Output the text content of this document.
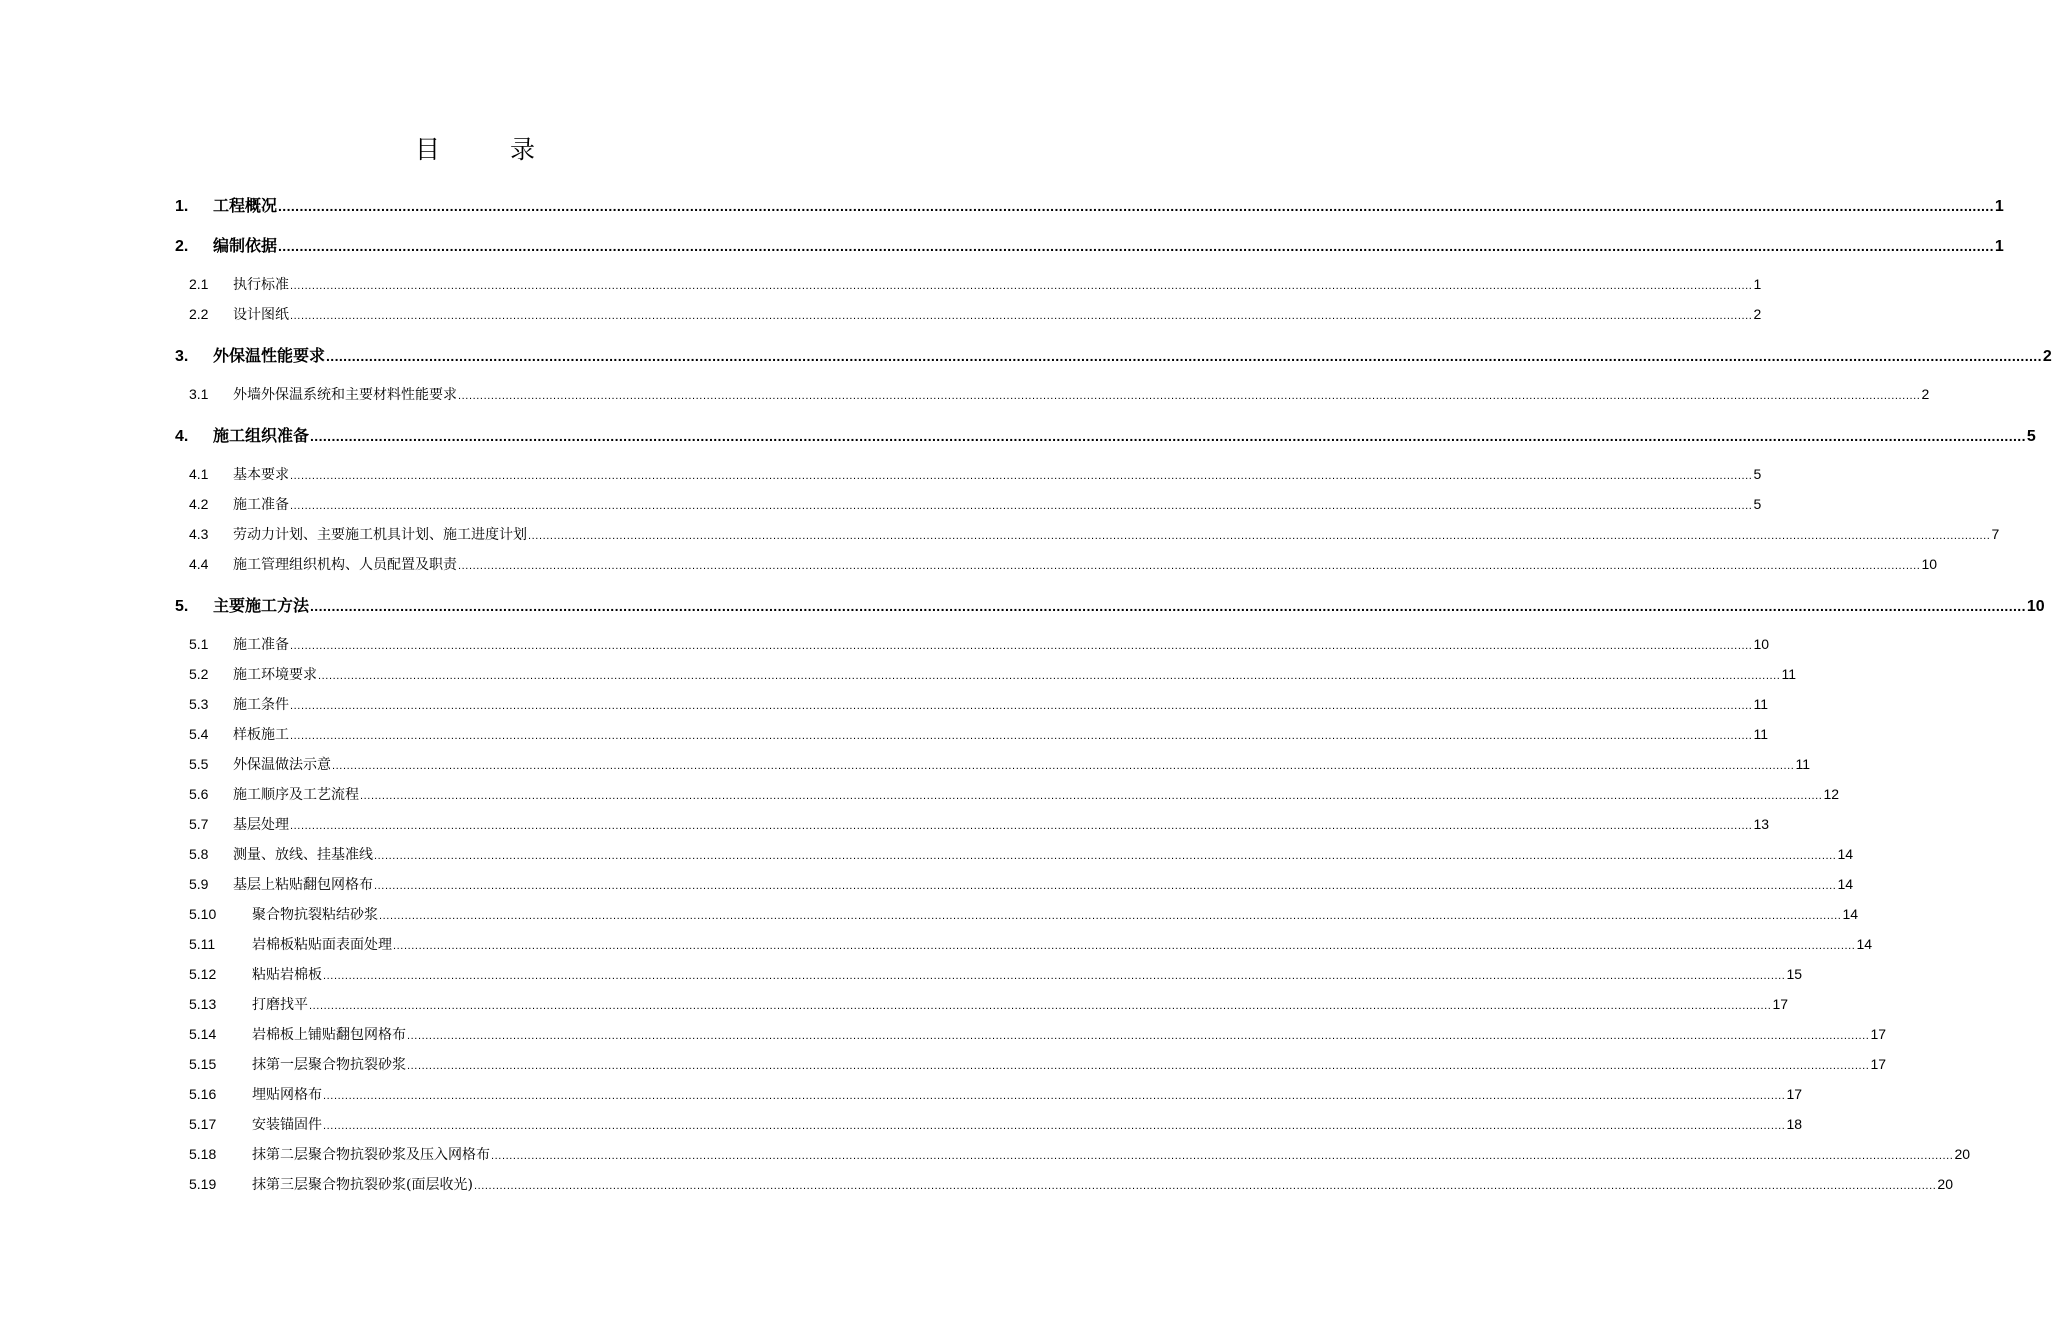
目	录
1.	工程概况 ................................................................................................................................................................................................................................................................................................................................................................................................................ 1
2.	编制依据 ................................................................................................................................................................................................................................................................................................................................................................................................................ 1
2.1	执行标准 ................................................................................................................................................................................................................................................................................................................................................................................................................ 1
2.2	设计图纸 ................................................................................................................................................................................................................................................................................................................................................................................................................ 2
3.	外保温性能要求 ................................................................................................................................................................................................................................................................................................................................................................................................................ 2
3.1	外墙外保温系统和主要材料性能要求 ................................................................................................................................................................................................................................................................................................................................................................................................................ 2
4.	施工组织准备 ................................................................................................................................................................................................................................................................................................................................................................................................................ 5
4.1	基本要求 ................................................................................................................................................................................................................................................................................................................................................................................................................ 5
4.2	施工准备 ................................................................................................................................................................................................................................................................................................................................................................................................................ 5
4.3	劳动力计划、主要施工机具计划、施工进度计划 ................................................................................................................................................................................................................................................................................................................................................................................................................ 7
4.4	施工管理组织机构、人员配置及职责 ................................................................................................................................................................................................................................................................................................................................................................................................................ 10
5.	主要施工方法 ................................................................................................................................................................................................................................................................................................................................................................................................................ 10
5.1	施工准备 ................................................................................................................................................................................................................................................................................................................................................................................................................ 10
5.2	施工环境要求 ................................................................................................................................................................................................................................................................................................................................................................................................................ 11
5.3	施工条件 ................................................................................................................................................................................................................................................................................................................................................................................................................ 11
5.4	样板施工 ................................................................................................................................................................................................................................................................................................................................................................................................................ 11
5.5	外保温做法示意 ................................................................................................................................................................................................................................................................................................................................................................................................................ 11
5.6	施工顺序及工艺流程 ................................................................................................................................................................................................................................................................................................................................................................................................................ 12
5.7	基层处理 ................................................................................................................................................................................................................................................................................................................................................................................................................ 13
5.8	测量、放线、挂基准线 ................................................................................................................................................................................................................................................................................................................................................................................................................ 14
5.9	基层上粘贴翻包网格布 ................................................................................................................................................................................................................................................................................................................................................................................................................ 14
5.10	聚合物抗裂粘结砂浆 ................................................................................................................................................................................................................................................................................................................................................................................................................ 14
5.11	岩棉板粘贴面表面处理 ................................................................................................................................................................................................................................................................................................................................................................................................................ 14
5.12	粘贴岩棉板 ................................................................................................................................................................................................................................................................................................................................................................................................................ 15
5.13	打磨找平 ................................................................................................................................................................................................................................................................................................................................................................................................................ 17
5.14	岩棉板上铺贴翻包网格布 ................................................................................................................................................................................................................................................................................................................................................................................................................ 17
5.15	抹第一层聚合物抗裂砂浆 ................................................................................................................................................................................................................................................................................................................................................................................................................ 17
5.16	埋贴网格布 ................................................................................................................................................................................................................................................................................................................................................................................................................ 17
5.17	安装锚固件 ................................................................................................................................................................................................................................................................................................................................................................................................................ 18
5.18	抹第二层聚合物抗裂砂浆及压入网格布 ................................................................................................................................................................................................................................................................................................................................................................................................................ 20
5.19	抹第三层聚合物抗裂砂浆(面层收光) ................................................................................................................................................................................................................................................................................................................................................................................................................ 20
